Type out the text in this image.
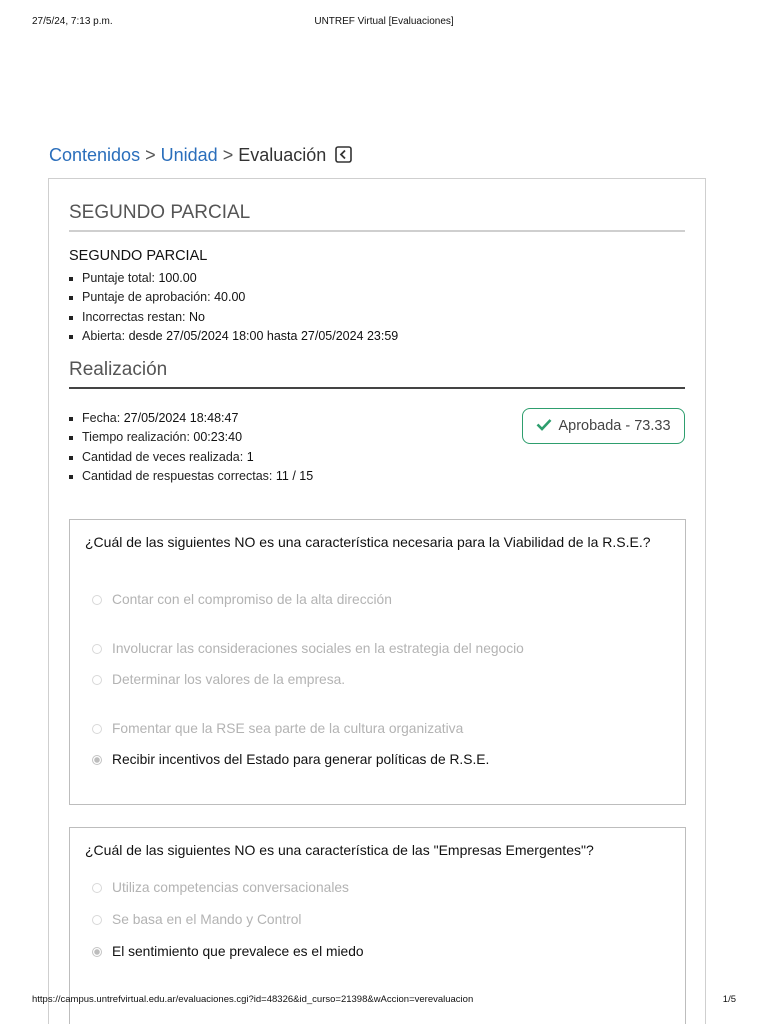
27/5/24, 7:13 p.m.	UNTREF Virtual [Evaluaciones]
Contenidos > Unidad > Evaluación
SEGUNDO PARCIAL
SEGUNDO PARCIAL
Puntaje total: 100.00
Puntaje de aprobación: 40.00
Incorrectas restan: No
Abierta: desde 27/05/2024 18:00 hasta 27/05/2024 23:59
Realización
Fecha: 27/05/2024 18:48:47
Tiempo realización: 00:23:40
Cantidad de veces realizada: 1
Cantidad de respuestas correctas: 11 / 15
Aprobada - 73.33
¿Cuál de las siguientes NO es una característica necesaria para la Viabilidad de la R.S.E.?
Contar con el compromiso de la alta dirección
Involucrar las consideraciones sociales en la estrategia del negocio
Determinar los valores de la empresa.
Fomentar que la RSE sea parte de la cultura organizativa
Recibir incentivos del Estado para generar políticas de R.S.E.
¿Cuál de las siguientes NO es una característica de las "Empresas Emergentes"?
Utiliza competencias conversacionales
Se basa en el Mando y Control
El sentimiento que prevalece es el miedo
https://campus.untrefvirtual.edu.ar/evaluaciones.cgi?id=48326&id_curso=21398&wAccion=verevaluacion	1/5
